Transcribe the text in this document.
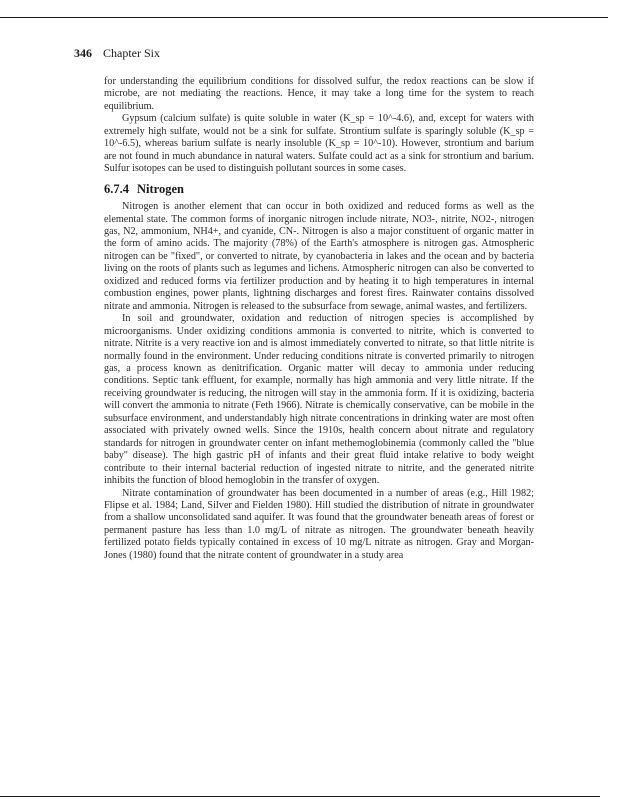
346 Chapter Six

for understanding the equilibrium conditions for dissolved sulfur, the redox reactions can be slow if microbe, are not mediating the reactions. Hence, it may take a long time for the system to reach equilibrium.

Gypsum (calcium sulfate) is quite soluble in water (K_sp = 10^-4.6), and, except for waters with extremely high sulfate, would not be a sink for sulfate. Strontium sulfate is sparingly soluble (K_sp = 10^-6.5), whereas barium sulfate is nearly insoluble (K_sp = 10^-10). However, strontium and barium are not found in much abundance in natural waters. Sulfate could act as a sink for strontium and barium. Sulfur isotopes can be used to distinguish pollutant sources in some cases.

6.7.4 Nitrogen

Nitrogen is another element that can occur in both oxidized and reduced forms as well as the elemental state. The common forms of inorganic nitrogen include nitrate, NO3-, nitrite, NO2-, nitrogen gas, N2, ammonium, NH4+, and cyanide, CN-. Nitrogen is also a major constituent of organic matter in the form of amino acids. The majority (78%) of the Earth's atmosphere is nitrogen gas. Atmospheric nitrogen can be "fixed", or converted to nitrate, by cyanobacteria in lakes and the ocean and by bacteria living on the roots of plants such as legumes and lichens. Atmospheric nitrogen can also be converted to oxidized and reduced forms via fertilizer production and by heating it to high temperatures in internal combustion engines, power plants, lightning discharges and forest fires. Rainwater contains dissolved nitrate and ammonia. Nitrogen is released to the subsurface from sewage, animal wastes, and fertilizers.

In soil and groundwater, oxidation and reduction of nitrogen species is accomplished by microorganisms. Under oxidizing conditions ammonia is converted to nitrite, which is converted to nitrate. Nitrite is a very reactive ion and is almost immediately converted to nitrate, so that little nitrite is normally found in the environment. Under reducing conditions nitrate is converted primarily to nitrogen gas, a process known as denitrification. Organic matter will decay to ammonia under reducing conditions. Septic tank effluent, for example, normally has high ammonia and very little nitrate. If the receiving groundwater is reducing, the nitrogen will stay in the ammonia form. If it is oxidizing, bacteria will convert the ammonia to nitrate (Feth 1966). Nitrate is chemically conservative, can be mobile in the subsurface environment, and understandably high nitrate concentrations in drinking water are most often associated with privately owned wells. Since the 1910s, health concern about nitrate and regulatory standards for nitrogen in groundwater center on infant methemoglobinemia (commonly called the "blue baby" disease). The high gastric pH of infants and their great fluid intake relative to body weight contribute to their internal bacterial reduction of ingested nitrate to nitrite, and the generated nitrite inhibits the function of blood hemoglobin in the transfer of oxygen.

Nitrate contamination of groundwater has been documented in a number of areas (e.g., Hill 1982; Flipse et al. 1984; Land, Silver and Fielden 1980). Hill studied the distribution of nitrate in groundwater from a shallow unconsolidated sand aquifer. It was found that the groundwater beneath areas of forest or permanent pasture has less than 1.0 mg/L of nitrate as nitrogen. The groundwater beneath heavily fertilized potato fields typically contained in excess of 10 mg/L nitrate as nitrogen. Gray and Morgan-Jones (1980) found that the nitrate content of groundwater in a study area
